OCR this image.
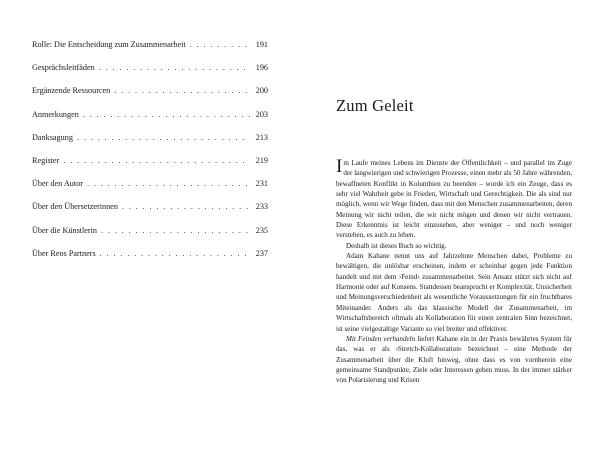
Rolle: Die Entscheidung zum Zusammenarbeit . . .	191
Gesprächsleitfäden . . .	196
Ergänzende Ressourcen . . .	200
Anmerkungen . . .	203
Danksagung . . .	213
Register . . .	219
Über den Autor . . .	231
Über den Übersetzerinnen . . .	233
Über die Künstlerin . . .	235
Über Reos Partners . . .	237
Zum Geleit

Im Laufe meines Lebens im Dienste der Öffentlichkeit – und parallel im Zuge der langwierigen und schwierigen Prozesse, einen mehr als 50 Jahre währenden, bewaffneten Konflikt in Kolumbien zu beenden – wurde ich ein Zeuge, dass es sehr viel Wahrheit gebe in Frieden, Wirtschaft und Gerechtigkeit. Die als sind nur möglich, wenn wir Wege finden, dass mit den Menschen zusammenarbeiten, deren Meinung wir nicht teilen, die wir nicht mögen und denen wir nicht vertrauen. Diese Erkenntnis ist leicht einzusehen, aber weniger – und noch weniger verstehen, es auch zu leben.

Deshalb ist dieses Buch so wichtig.

Adam Kahane nennt uns auf Jahrzehnte Menschen dabei, Probleme zu bewältigen, die unlösbar erscheinen, indem er scheinbar gegen jede Funktion handelt und mit dem ›Feind‹ zusammenarbeitet. Sein Ansatz stützt sich nicht auf Harmonie oder auf Konsens. Stattdessen beansprucht er Komplexität, Unsicherheit und Meinungsverschiedenheit als wesentliche Voraussetzungen für ein fruchtbares Miteinander. Anders als das klassische Modell der Zusammenarbeit, im Wirtschaftsbereich oftmals als Kollaboration für einen zentralen Sinn bezeichnet, ist seine vielgestaltige Variante so viel breiter und effektiver.

Mit Feinden verhandeln liefert Kahane ein in der Praxis bewährtes System für das, was er als ›Stretch-Kollaboration‹ bezeichnet – eine Methode der Zusammenarbeit über die Kluft hinweg, ohne dass es von vornherein eine gemeinsame Standpunkte, Ziele oder Interessen geben muss. In der immer stärker von Polarisierung und Krisen
